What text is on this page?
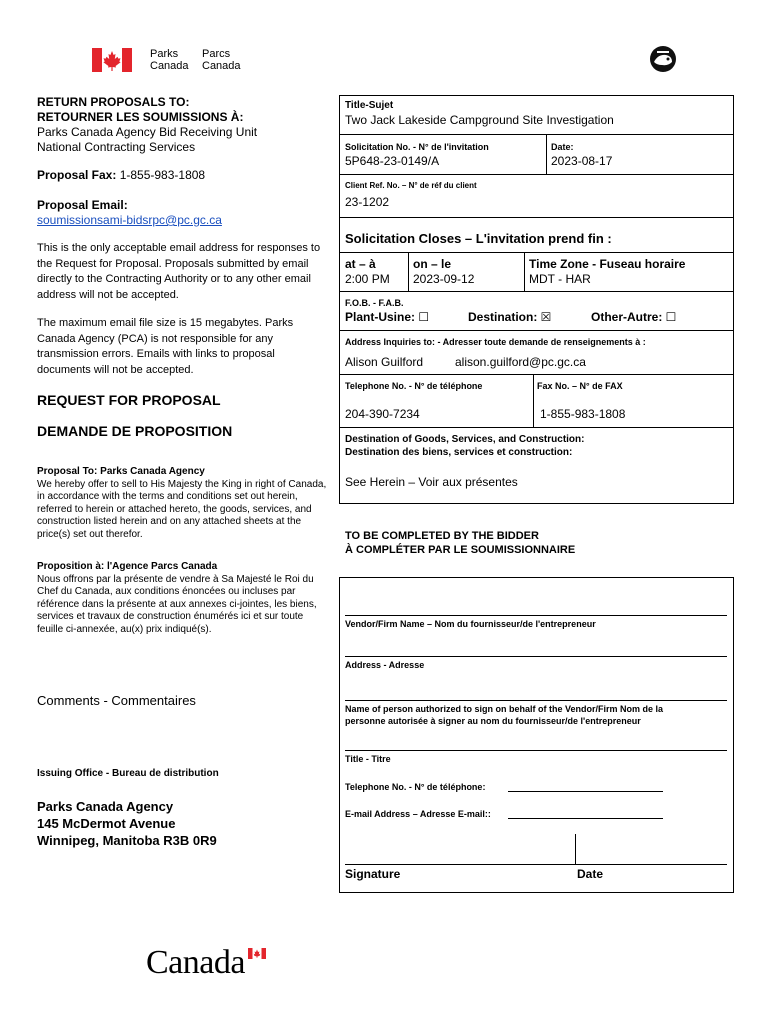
Parks
Canada
Parcs
Canada
RETURN PROPOSALS TO:
RETOURNER LES SOUMISSIONS À:
Parks Canada Agency Bid Receiving Unit
National Contracting Services
Proposal Fax: 1-855-983-1808
Proposal Email:
soumissionsami-bidsrpc@pc.gc.ca
This is the only acceptable email address for responses to the Request for Proposal. Proposals submitted by email directly to the Contracting Authority or to any other email address will not be accepted.
The maximum email file size is 15 megabytes. Parks Canada Agency (PCA) is not responsible for any transmission errors. Emails with links to proposal documents will not be accepted.
REQUEST FOR PROPOSAL
DEMANDE DE PROPOSITION
Proposal To: Parks Canada Agency
We hereby offer to sell to His Majesty the King in right of Canada, in accordance with the terms and conditions set out herein, referred to herein or attached hereto, the goods, services, and construction listed herein and on any attached sheets at the price(s) set out therefor.
Proposition à: l'Agence Parcs Canada
Nous offrons par la présente de vendre à Sa Majesté le Roi du Chef du Canada, aux conditions énoncées ou incluses par référence dans la présente at aux annexes ci-jointes, les biens, services et travaux de construction énumérés ici et sur toute feuille ci-annexée, au(x) prix indiqué(s).
Comments - Commentaires
Issuing Office - Bureau de distribution
Parks Canada Agency
145 McDermot Avenue
Winnipeg, Manitoba R3B 0R9
Title-Sujet
Two Jack Lakeside Campground Site Investigation
Solicitation No. - N° de l'invitation
5P648-23-0149/A
Date:
2023-08-17
Client Ref. No. – N° de réf du client
23-1202
Solicitation Closes – L'invitation prend fin :
at – à
2:00 PM
on – le
2023-09-12
Time Zone - Fuseau horaire
MDT - HAR
F.O.B. - F.A.B.
Plant-Usine: ☐	Destination: ☒	Other-Autre: ☐
Address Inquiries to: - Adresser toute demande de renseignements à :
Alison Guilford	alison.guilford@pc.gc.ca
Telephone No. - N° de téléphone
204-390-7234
Fax No. – N° de FAX
1-855-983-1808
Destination of Goods, Services, and Construction:
Destination des biens, services et construction:
See Herein – Voir aux présentes
TO BE COMPLETED BY THE BIDDER
À COMPLÉTER PAR LE SOUMISSIONNAIRE
Vendor/Firm Name – Nom du fournisseur/de l'entrepreneur
Address - Adresse
Name of person authorized to sign on behalf of the Vendor/Firm Nom de la personne autorisée à signer au nom du fournisseur/de l'entrepreneur
Title - Titre
Telephone No. - N° de téléphone:
E-mail Address – Adresse E-mail::
Signature	Date
Canada
